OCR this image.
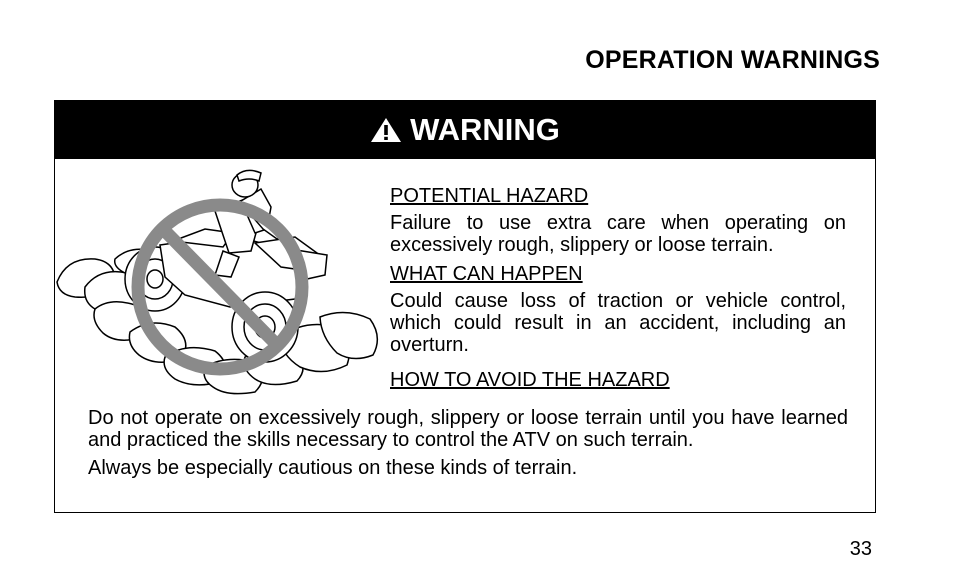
OPERATION WARNINGS
WARNING

POTENTIAL HAZARD

Failure to use extra care when operating on excessively rough, slippery or loose terrain.

WHAT CAN HAPPEN

Could cause loss of traction or vehicle control, which could result in an accident, including an overturn.

HOW TO AVOID THE HAZARD

Do not operate on excessively rough, slippery or loose terrain until you have learned and practiced the skills necessary to control the ATV on such terrain.

Always be especially cautious on these kinds of terrain.

33
